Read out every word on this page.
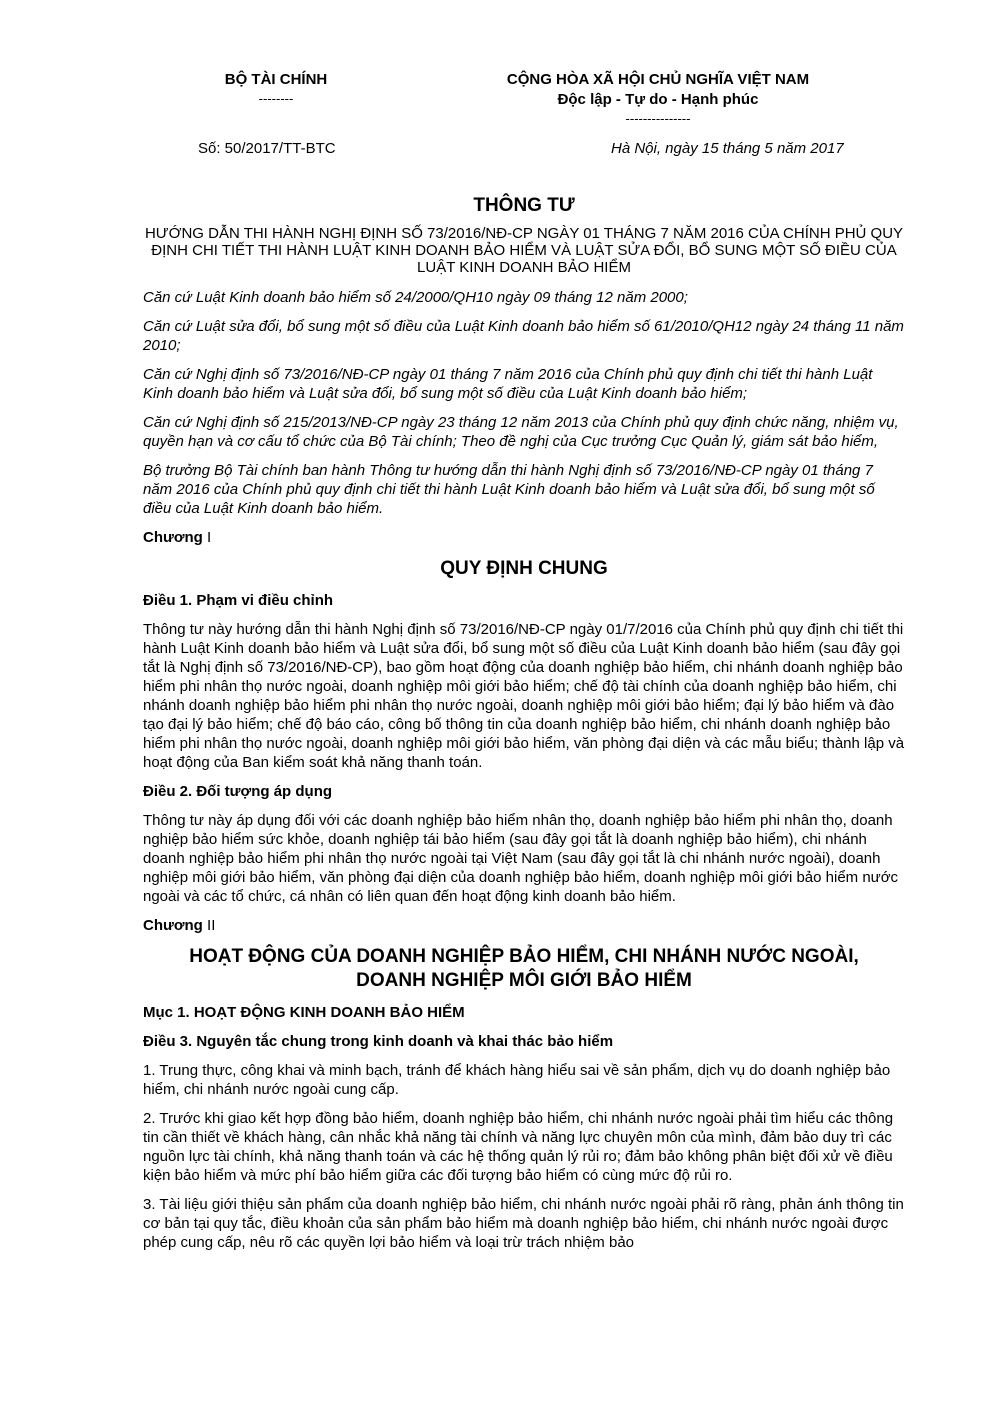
BỘ TÀI CHÍNH
--------
CỘNG HÒA XÃ HỘI CHỦ NGHĨA VIỆT NAM
Độc lập - Tự do - Hạnh phúc
---------------
Số: 50/2017/TT-BTC	Hà Nội, ngày 15 tháng 5 năm 2017
THÔNG TƯ
HƯỚNG DẪN THI HÀNH NGHỊ ĐỊNH SỐ 73/2016/NĐ-CP NGÀY 01 THÁNG 7 NĂM 2016 CỦA CHÍNH PHỦ QUY ĐỊNH CHI TIẾT THI HÀNH LUẬT KINH DOANH BẢO HIỂM VÀ LUẬT SỬA ĐỔI, BỔ SUNG MỘT SỐ ĐIỀU CỦA LUẬT KINH DOANH BẢO HIỂM

Căn cứ Luật Kinh doanh bảo hiểm số 24/2000/QH10 ngày 09 tháng 12 năm 2000;

Căn cứ Luật sửa đổi, bổ sung một số điều của Luật Kinh doanh bảo hiểm số 61/2010/QH12 ngày 24 tháng 11 năm 2010;

Căn cứ Nghị định số 73/2016/NĐ-CP ngày 01 tháng 7 năm 2016 của Chính phủ quy định chi tiết thi hành Luật Kinh doanh bảo hiểm và Luật sửa đổi, bổ sung một số điều của Luật Kinh doanh bảo hiểm;

Căn cứ Nghị định số 215/2013/NĐ-CP ngày 23 tháng 12 năm 2013 của Chính phủ quy định chức năng, nhiệm vụ, quyền hạn và cơ cấu tổ chức của Bộ Tài chính; Theo đề nghị của Cục trưởng Cục Quản lý, giám sát bảo hiểm,

Bộ trưởng Bộ Tài chính ban hành Thông tư hướng dẫn thi hành Nghị định số 73/2016/NĐ-CP ngày 01 tháng 7 năm 2016 của Chính phủ quy định chi tiết thi hành Luật Kinh doanh bảo hiểm và Luật sửa đổi, bổ sung một số điều của Luật Kinh doanh bảo hiểm.

Chương I

QUY ĐỊNH CHUNG
Điều 1. Phạm vi điều chỉnh

Thông tư này hướng dẫn thi hành Nghị định số 73/2016/NĐ-CP ngày 01/7/2016 của Chính phủ quy định chi tiết thi hành Luật Kinh doanh bảo hiểm và Luật sửa đổi, bổ sung một số điều của Luật Kinh doanh bảo hiểm (sau đây gọi tắt là Nghị định số 73/2016/NĐ-CP), bao gồm hoạt động của doanh nghiệp bảo hiểm, chi nhánh doanh nghiệp bảo hiểm phi nhân thọ nước ngoài, doanh nghiệp môi giới bảo hiểm; chế độ tài chính của doanh nghiệp bảo hiểm, chi nhánh doanh nghiệp bảo hiểm phi nhân thọ nước ngoài, doanh nghiệp môi giới bảo hiểm; đại lý bảo hiểm và đào tạo đại lý bảo hiểm; chế độ báo cáo, công bố thông tin của doanh nghiệp bảo hiểm, chi nhánh doanh nghiệp bảo hiểm phi nhân thọ nước ngoài, doanh nghiệp môi giới bảo hiểm, văn phòng đại diện và các mẫu biểu; thành lập và hoạt động của Ban kiểm soát khả năng thanh toán.

Điều 2. Đối tượng áp dụng

Thông tư này áp dụng đối với các doanh nghiệp bảo hiểm nhân thọ, doanh nghiệp bảo hiểm phi nhân thọ, doanh nghiệp bảo hiểm sức khỏe, doanh nghiệp tái bảo hiểm (sau đây gọi tắt là doanh nghiệp bảo hiểm), chi nhánh doanh nghiệp bảo hiểm phi nhân thọ nước ngoài tại Việt Nam (sau đây gọi tắt là chi nhánh nước ngoài), doanh nghiệp môi giới bảo hiểm, văn phòng đại diện của doanh nghiệp bảo hiểm, doanh nghiệp môi giới bảo hiểm nước ngoài và các tổ chức, cá nhân có liên quan đến hoạt động kinh doanh bảo hiểm.

Chương II

HOẠT ĐỘNG CỦA DOANH NGHIỆP BẢO HIỂM, CHI NHÁNH NƯỚC NGOÀI,
DOANH NGHIỆP MÔI GIỚI BẢO HIỂM
Mục 1. HOẠT ĐỘNG KINH DOANH BẢO HIỂM
Điều 3. Nguyên tắc chung trong kinh doanh và khai thác bảo hiểm

1. Trung thực, công khai và minh bạch, tránh để khách hàng hiểu sai về sản phẩm, dịch vụ do doanh nghiệp bảo hiểm, chi nhánh nước ngoài cung cấp.

2. Trước khi giao kết hợp đồng bảo hiểm, doanh nghiệp bảo hiểm, chi nhánh nước ngoài phải tìm hiểu các thông tin cần thiết về khách hàng, cân nhắc khả năng tài chính và năng lực chuyên môn của mình, đảm bảo duy trì các nguồn lực tài chính, khả năng thanh toán và các hệ thống quản lý rủi ro; đảm bảo không phân biệt đối xử về điều kiện bảo hiểm và mức phí bảo hiểm giữa các đối tượng bảo hiểm có cùng mức độ rủi ro.

3. Tài liệu giới thiệu sản phẩm của doanh nghiệp bảo hiểm, chi nhánh nước ngoài phải rõ ràng, phản ánh thông tin cơ bản tại quy tắc, điều khoản của sản phẩm bảo hiểm mà doanh nghiệp bảo hiểm, chi nhánh nước ngoài được phép cung cấp, nêu rõ các quyền lợi bảo hiểm và loại trừ trách nhiệm bảo
